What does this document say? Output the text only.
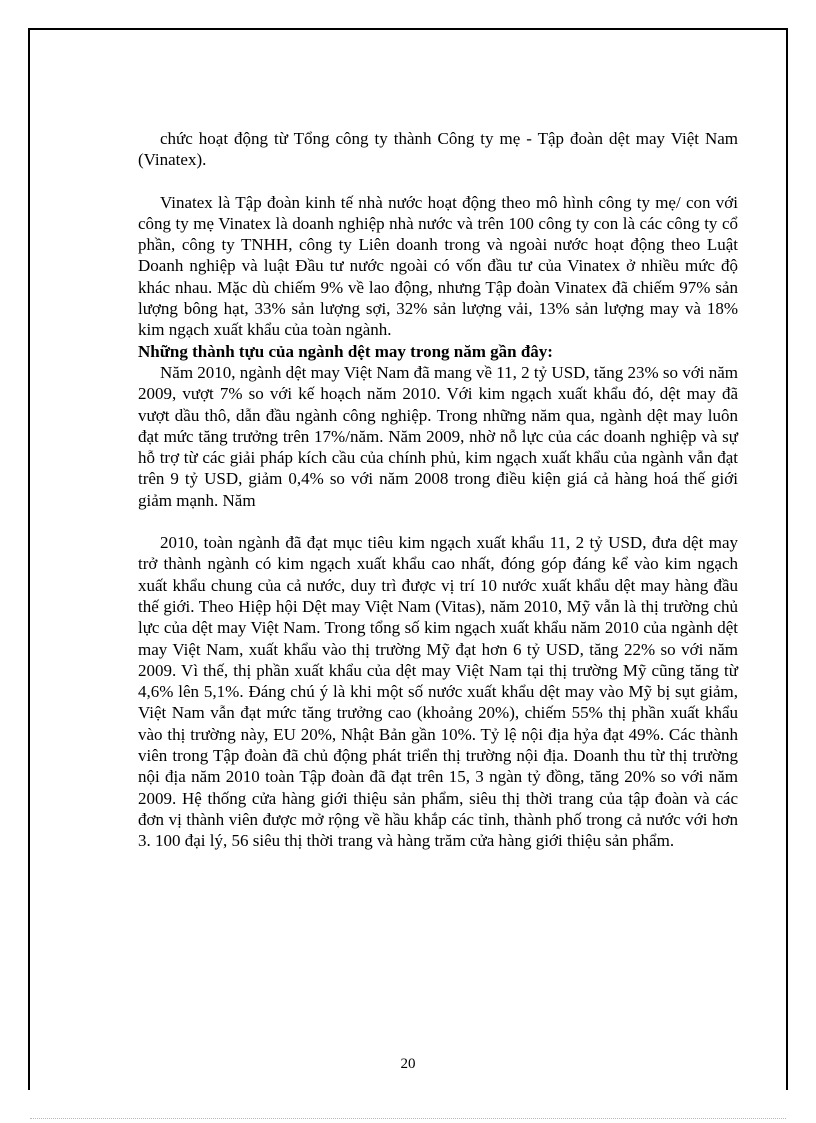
chức hoạt động từ Tổng công ty thành Công ty mẹ - Tập đoàn dệt may Việt Nam (Vinatex).

Vinatex là Tập đoàn kinh tế nhà nước hoạt động theo mô hình công ty mẹ/ con với công ty mẹ Vinatex là doanh nghiệp nhà nước và trên 100 công ty con là các công ty cổ phần, công ty TNHH, công ty Liên doanh trong và ngoài nước hoạt động theo Luật Doanh nghiệp và luật Đầu tư nước ngoài có vốn đầu tư của Vinatex ở nhiều mức độ khác nhau. Mặc dù chiếm 9% về lao động, nhưng Tập đoàn Vinatex đã chiếm 97% sản lượng bông hạt, 33% sản lượng sợi, 32% sản lượng vải, 13% sản lượng may và 18% kim ngạch xuất khẩu của toàn ngành.

Những thành tựu của ngành dệt may trong năm gần đây:

Năm 2010, ngành dệt may Việt Nam đã mang về 11, 2 tỷ USD, tăng 23% so với năm 2009, vượt 7% so với kế hoạch năm 2010. Với kim ngạch xuất khẩu đó, dệt may đã vượt dầu thô, dẫn đầu ngành công nghiệp. Trong những năm qua, ngành dệt may luôn đạt mức tăng trưởng trên 17%/năm. Năm 2009, nhờ nỗ lực của các doanh nghiệp và sự hỗ trợ từ các giải pháp kích cầu của chính phủ, kim ngạch xuất khẩu của ngành vẫn đạt trên 9 tỷ USD, giảm 0,4% so với năm 2008 trong điều kiện giá cả hàng hoá thế giới giảm mạnh. Năm

2010, toàn ngành đã đạt mục tiêu kim ngạch xuất khẩu 11, 2 tỷ USD, đưa dệt may trở thành ngành có kim ngạch xuất khẩu cao nhất, đóng góp đáng kể vào kim ngạch xuất khẩu chung của cả nước, duy trì được vị trí 10 nước xuất khẩu dệt may hàng đầu thế giới. Theo Hiệp hội Dệt may Việt Nam (Vitas), năm 2010, Mỹ vẫn là thị trường chủ lực của dệt may Việt Nam. Trong tổng số kim ngạch xuất khẩu năm 2010 của ngành dệt may Việt Nam, xuất khẩu vào thị trường Mỹ đạt hơn 6 tỷ USD, tăng 22% so với năm 2009. Vì thế, thị phần xuất khẩu của dệt may Việt Nam tại thị trường Mỹ cũng tăng từ 4,6% lên 5,1%. Đáng chú ý là khi một số nước xuất khẩu dệt may vào Mỹ bị sụt giảm, Việt Nam vẫn đạt mức tăng trưởng cao (khoảng 20%), chiếm 55% thị phần xuất khẩu vào thị trường này, EU 20%, Nhật Bản gần 10%. Tỷ lệ nội địa hỷa đạt 49%. Các thành viên trong Tập đoàn đã chủ động phát triển thị trường nội địa. Doanh thu từ thị trường nội địa năm 2010 toàn Tập đoàn đã đạt trên 15, 3 ngàn tỷ đồng, tăng 20% so với năm 2009. Hệ thống cửa hàng giới thiệu sản phẩm, siêu thị thời trang của tập đoàn và các đơn vị thành viên được mở rộng về hầu khắp các tỉnh, thành phố trong cả nước với hơn 3. 100 đại lý, 56 siêu thị thời trang và hàng trăm cửa hàng giới thiệu sản phẩm.

20
